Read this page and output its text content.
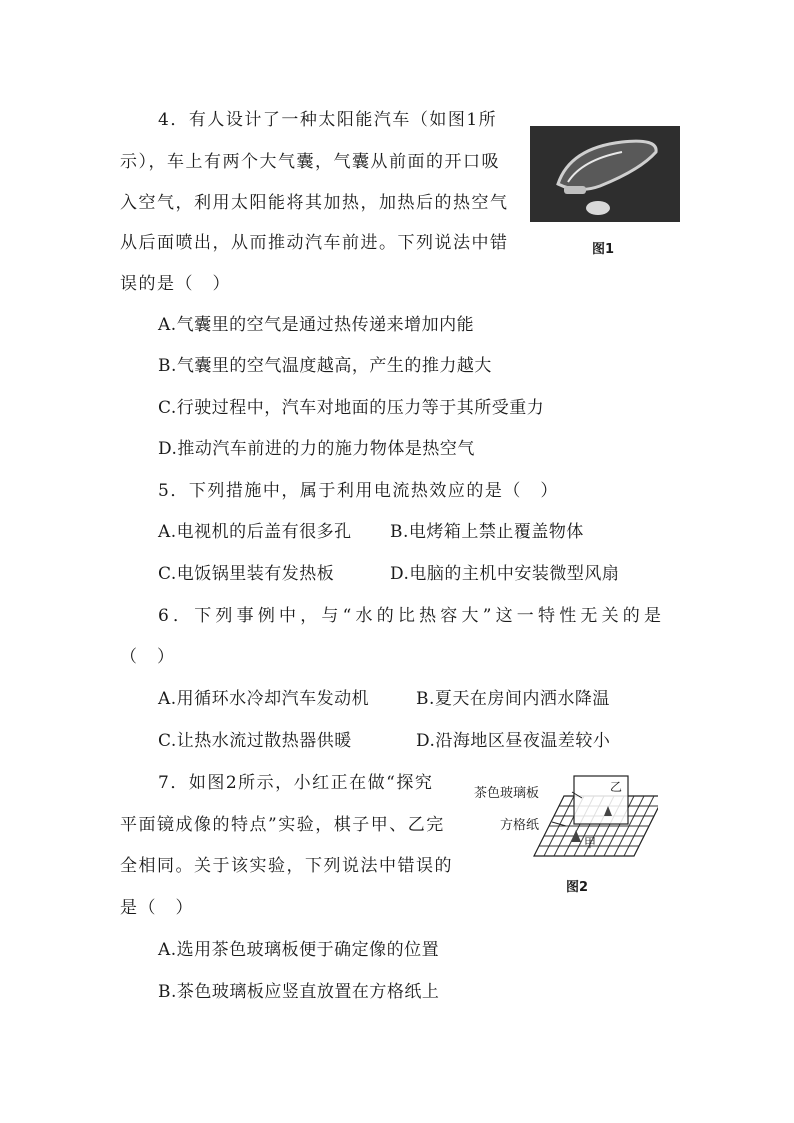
4．有人设计了一种太阳能汽车（如图1所
示），车上有两个大气囊，气囊从前面的开口吸
入空气，利用太阳能将其加热，加热后的热空气
从后面喷出，从而推动汽车前进。下列说法中错
误的是（　）
图1
A.气囊里的空气是通过热传递来增加内能
B.气囊里的空气温度越高，产生的推力越大
C.行驶过程中，汽车对地面的压力等于其所受重力
D.推动汽车前进的力的施力物体是热空气
5．下列措施中，属于利用电流热效应的是（　）
A.电视机的后盖有很多孔 B.电烤箱上禁止覆盖物体
C.电饭锅里装有发热板	D.电脑的主机中安装微型风扇
6．下列事例中，与“水的比热容大”这一特性无关的是
（　）
A.用循环水冷却汽车发动机	B.夏天在房间内洒水降温
C.让热水流过散热器供暖	D.沿海地区昼夜温差较小
7．如图2所示，小红正在做“探究
平面镜成像的特点”实验，棋子甲、乙完
全相同。关于该实验，下列说法中错误的
是（　）
茶色玻璃板
方格纸
乙
甲
图2
A.选用茶色玻璃板便于确定像的位置
B.茶色玻璃板应竖直放置在方格纸上
